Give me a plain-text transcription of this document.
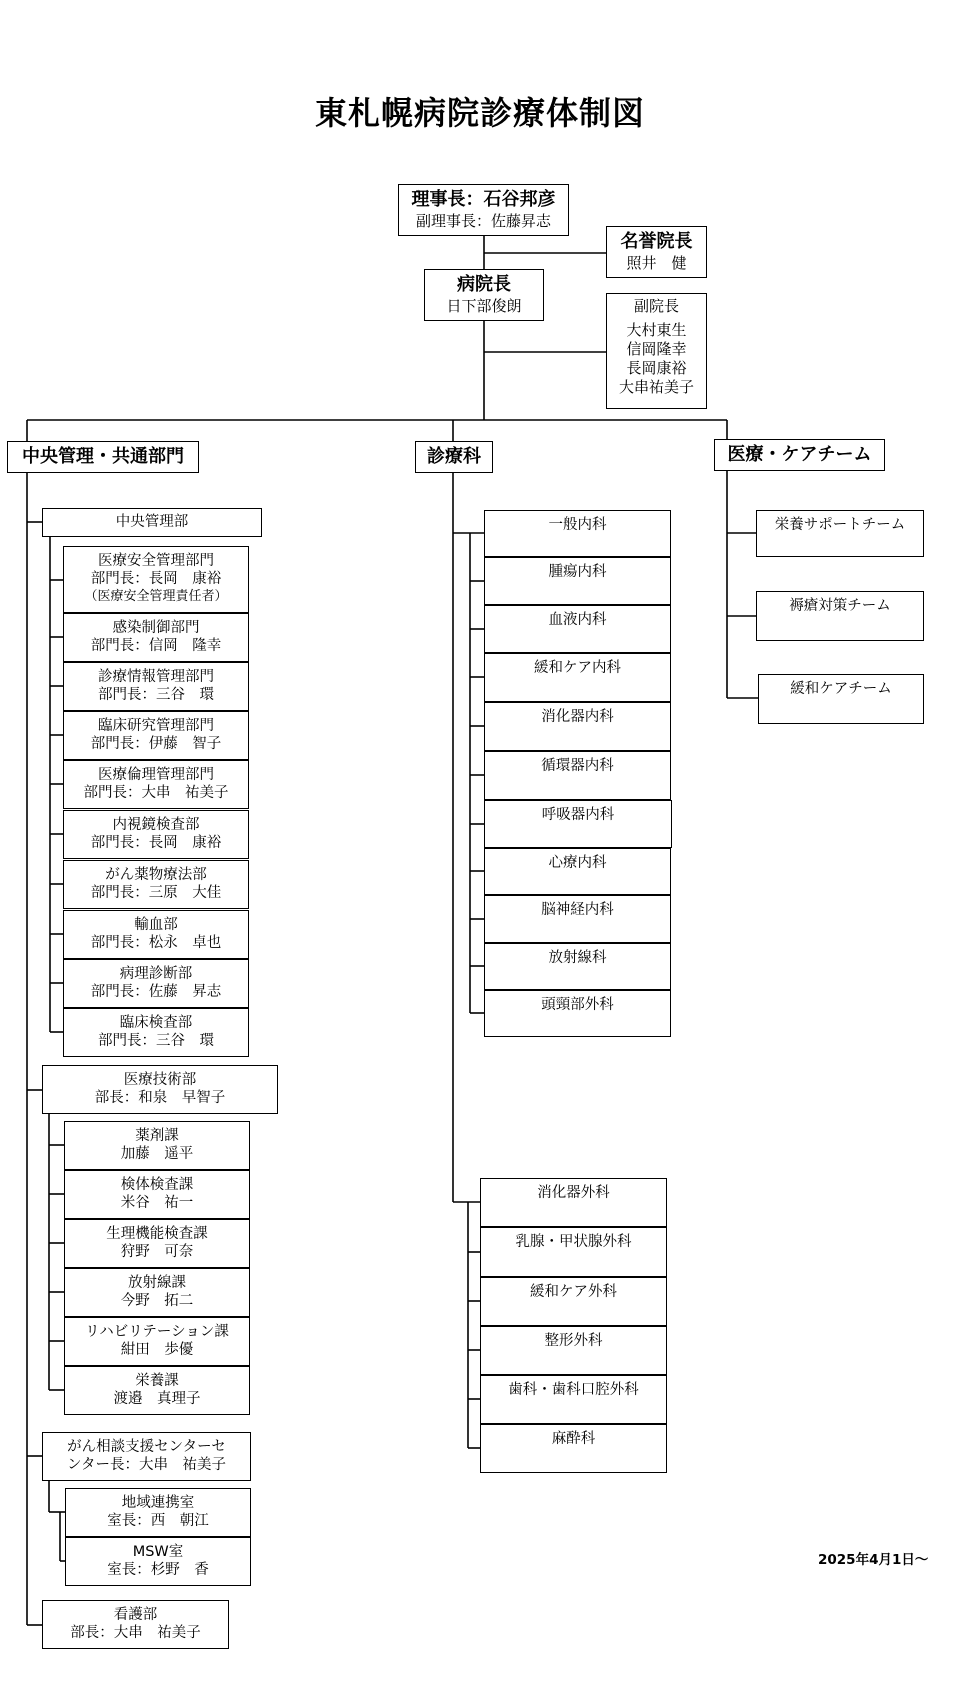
東札幌病院診療体制図
理事長：石谷邦彦
副理事長：佐藤昇志
名誉院長
照井　健
病院長
日下部俊朗	副院長
大村東生
信岡隆幸
長岡康裕
大串祐美子
中央管理・共通部門	診療科	医療・ケアチーム
中央管理部
医療安全管理部門
部門長：長岡　康裕
（医療安全管理責任者）
感染制御部門
部門長：信岡　隆幸
診療情報管理部門
部門長：三谷　環
臨床研究管理部門
部門長：伊藤　智子
医療倫理管理部門
部門長：大串　祐美子
内視鏡検査部
部門長：長岡　康裕
がん薬物療法部
部門長：三原　大佳
輸血部
部門長：松永　卓也
病理診断部
部門長：佐藤　昇志
臨床検査部
部門長：三谷　環
医療技術部
部長：和泉　早智子
薬剤課
加藤　遥平
検体検査課
米谷　祐一
生理機能検査課
狩野　可奈
放射線課
今野　拓二
リハビリテーション課
紺田　歩優
栄養課
渡邉　真理子
がん相談支援センターセ
ンター長：大串　祐美子
地域連携室
室長：西　朝江
MSW室
室長：杉野　香
看護部
部長：大串　祐美子
一般内科
腫瘍内科
血液内科
緩和ケア内科
消化器内科
循環器内科
呼吸器内科
心療内科
脳神経内科
放射線科
頭頸部外科
消化器外科
乳腺・甲状腺外科
緩和ケア外科
整形外科
歯科・歯科口腔外科
麻酔科
栄養サポートチーム
褥瘡対策チーム
緩和ケアチーム
2025年4月1日～
